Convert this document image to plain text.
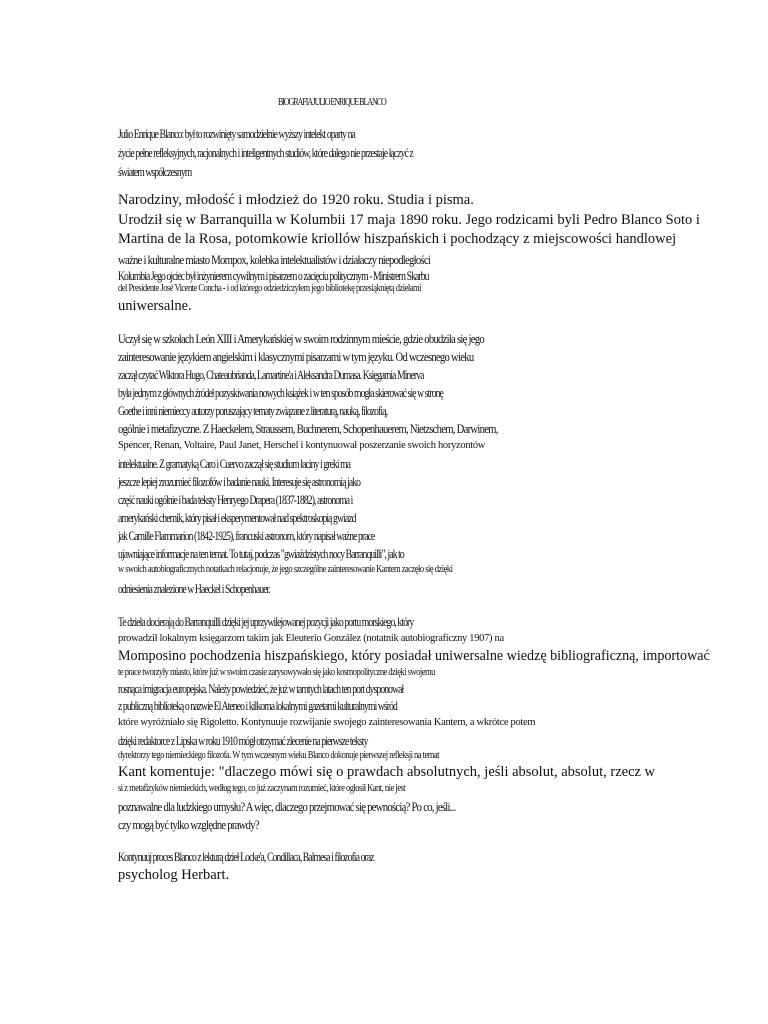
BIOGRAFIA JULIO ENRIQUE BLANCO
Julio Enrique Blanco: był to rozwinięty samodzielnie wyższy intelekt oparty na
życie pełne refleksyjnych, racjonalnych i inteligentnych studiów, które dalego nie przestaje łączyć z
światem współczesnym
Narodziny, młodość i młodzież do 1920 roku. Studia i pisma.
Urodził się w Barranquilla w Kolumbii 17 maja 1890 roku. Jego rodzicami byli Pedro Blanco Soto i
Martina de la Rosa, potomkowie kriollów hiszpańskich i pochodzący z miejscowości handlowej
ważne i kulturalne miasto Mompox, kolebka intelektualistów i działaczy niepodległości
Kolumbia Jego ojciec był inżynierem cywilnym i pisarzem o zacięciu politycznym - Ministrem Skarbu
del Presidente José Vicente Concha - i od którego odziedziczyłem jego bibliotekę przesiąkniętą dziełami
uniwersalne.
Uczył się w szkołach León XIII i Amerykańskiej w swoim rodzinnym mieście, gdzie obudziła się jego
zainteresowanie językiem angielskim i klasycznymi pisarzami w tym języku. Od wczesnego wieku
zaczął czytać Wiktora Hugo, Chateaubrianda, Lamartine'a i Aleksandra Dumasa. Księgarnia Minerva
była jednym z głównych źródeł pozyskiwania nowych książek i w ten sposób mogła skierować się w stronę
Goethe i inni niemieccy autorzy poruszający tematy związane z literaturą, nauką, filozofią,
ogólnie i metafizyczne. Z Haeckelem, Straussem, Buchnerem, Schopenhauerem, Nietzschem, Darwinem,
Spencer, Renan, Voltaire, Paul Janet, Herschel i kontynuował poszerzanie swoich horyzontów
intelektualne. Z gramatyką Caro i Cuervo zaczął się studium łaciny i greki ma
jeszcze lepiej zrozumieć filozofów i badanie nauki. Interesuje się astronomią jako
część nauki ogólnie i bada teksty Henryego Drapera (1837-1882), astronoma i
amerykański chemik, który pisał i eksperymentował nad spektroskopią gwiazd
jak Camille Flammarion (1842-1925), francuski astronom, który napisał ważne prace
ujawniające informacje na ten temat. To tutaj, podczas "gwiaździstych nocy Barranquilli", jak to
w swoich autobiograficznych notatkach relacjonuje, że jego szczególne zainteresowanie Kantem zaczęło się dzięki
odniesienia znalezione w Haeckel i Schopenhauer.
Te dzieła docierają do Barranquilli dzięki jej uprzywilejowanej pozycji jako portu morskiego, który
prowadził lokalnym księgarzom takim jak Eleuterio González (notatnik autobiograficzny 1907) na
Momposino pochodzenia hiszpańskiego, który posiadał uniwersalne wiedzę bibliograficzną, importować
te prace tworzyły miasto, które już w swoim czasie zarysowywało się jako kosmopolityczne dzięki swojemu
rosnąca imigracja europejska. Należy powiedzieć, że już w tamtych latach ten port dysponował
z publiczną biblioteką o nazwie El Ateneo i kilkoma lokalnymi gazetami kulturalnymi wśród
które wyróżniało się Rigoletto. Kontynuuje rozwijanie swojego zainteresowania Kantem, a wkrótce potem
dzięki redaktorce z Lipska w roku 1910 mógł otrzymać zlecenie na pierwsze teksty
dyrektorzy tego niemieckiego filozofa. W tym wczesnym wieku Blanco dokonuje pierwszej refleksji na temat
Kant komentuje: "dlaczego mówi się o prawdach absolutnych, jeśli absolut, absolut, rzecz w
si z metafizyków niemieckich, według tego, co już zaczynam rozumieć, które ogłosił Kant, nie jest
poznawalne dla ludzkiego umysłu? A więc, dlaczego przejmować się pewnością? Po co, jeśli...
czy mogą być tylko względne prawdy?
Kontynuuj proces Blanco z lekturą dzieł Locke'a, Condillaca, Balmesa i filozofia oraz
psycholog Herbart.
